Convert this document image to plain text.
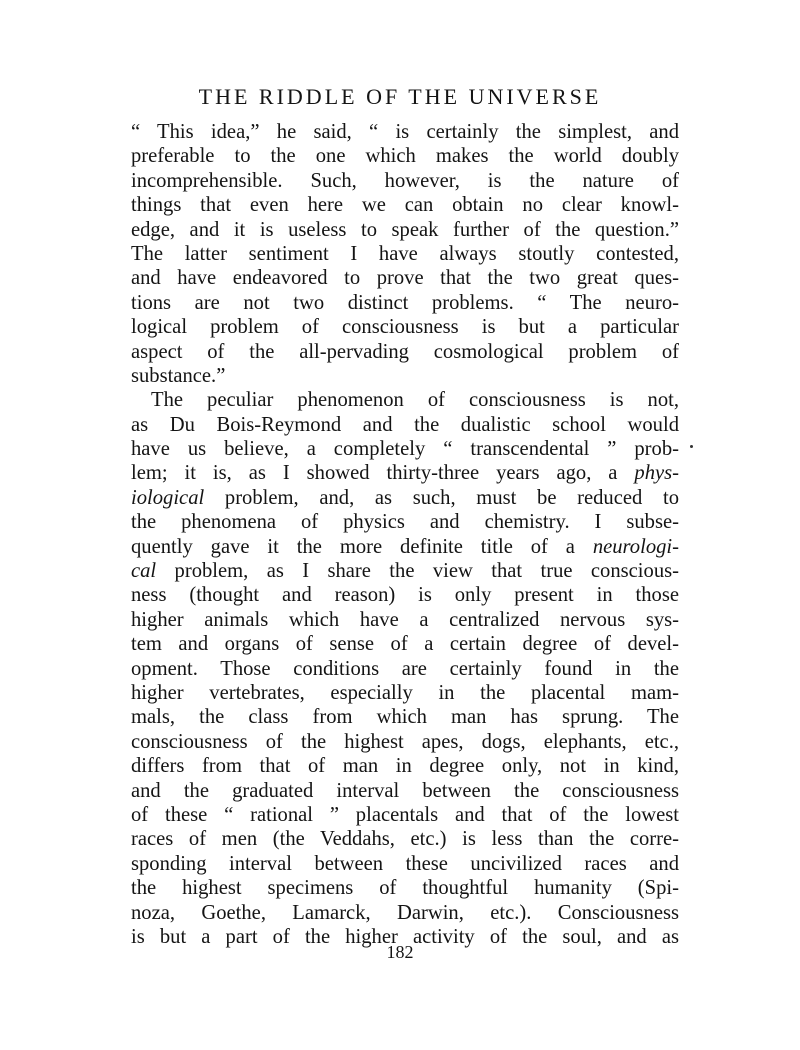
THE RIDDLE OF THE UNIVERSE
“ This idea,” he said, “ is certainly the simplest, and
preferable to the one which makes the world doubly
incomprehensible. Such, however, is the nature of
things that even here we can obtain no clear knowl-
edge, and it is useless to speak further of the question.”
The latter sentiment I have always stoutly contested,
and have endeavored to prove that the two great ques-
tions are not two distinct problems. “ The neuro-
logical problem of consciousness is but a particular
aspect of the all-pervading cosmological problem of
substance.”
The peculiar phenomenon of consciousness is not,
as Du Bois-Reymond and the dualistic school would
have us believe, a completely “ transcendental ” prob-
lem; it is, as I showed thirty-three years ago, a phys-
iological problem, and, as such, must be reduced to
the phenomena of physics and chemistry. I subse-
quently gave it the more definite title of a neurologi-
cal problem, as I share the view that true conscious-
ness (thought and reason) is only present in those
higher animals which have a centralized nervous sys-
tem and organs of sense of a certain degree of devel-
opment. Those conditions are certainly found in the
higher vertebrates, especially in the placental mam-
mals, the class from which man has sprung. The
consciousness of the highest apes, dogs, elephants, etc.,
differs from that of man in degree only, not in kind,
and the graduated interval between the consciousness
of these “ rational ” placentals and that of the lowest
races of men (the Veddahs, etc.) is less than the corre-
sponding interval between these uncivilized races and
the highest specimens of thoughtful humanity (Spi-
noza, Goethe, Lamarck, Darwin, etc.). Consciousness
is but a part of the higher activity of the soul, and as
182
